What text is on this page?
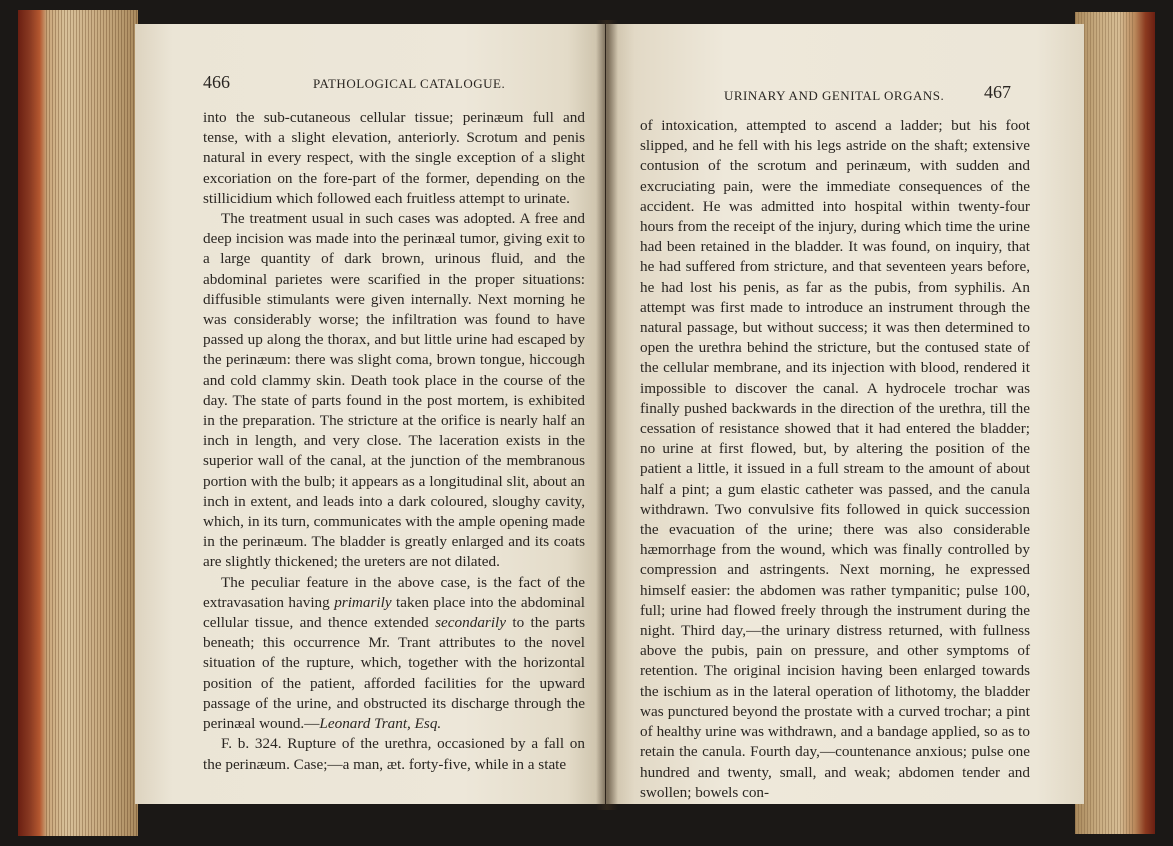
466	PATHOLOGICAL CATALOGUE.

into the sub-cutaneous cellular tissue; perinæum full and tense, with a slight elevation, anteriorly. Scrotum and penis natural in every respect, with the single exception of a slight excoriation on the fore-part of the former, depending on the stillicidium which followed each fruitless attempt to urinate.

The treatment usual in such cases was adopted. A free and deep incision was made into the perinæal tumor, giving exit to a large quantity of dark brown, urinous fluid, and the abdominal parietes were scarified in the proper situations: diffusible stimulants were given internally. Next morning he was considerably worse; the infiltration was found to have passed up along the thorax, and but little urine had escaped by the perinæum: there was slight coma, brown tongue, hiccough and cold clammy skin. Death took place in the course of the day. The state of parts found in the post mortem, is exhibited in the preparation. The stricture at the orifice is nearly half an inch in length, and very close. The laceration exists in the superior wall of the canal, at the junction of the membranous portion with the bulb; it appears as a longitudinal slit, about an inch in extent, and leads into a dark coloured, sloughy cavity, which, in its turn, communicates with the ample opening made in the perinæum. The bladder is greatly enlarged and its coats are slightly thickened; the ureters are not dilated.

The peculiar feature in the above case, is the fact of the extravasation having primarily taken place into the abdominal cellular tissue, and thence extended secondarily to the parts beneath; this occurrence Mr. Trant attributes to the novel situation of the rupture, which, together with the horizontal position of the patient, afforded facilities for the upward passage of the urine, and obstructed its discharge through the perinæal wound.—Leonard Trant, Esq.

F. b. 324. Rupture of the urethra, occasioned by a fall on the perinæum. Case;—a man, æt. forty-five, while in a state

URINARY AND GENITAL ORGANS. 467

of intoxication, attempted to ascend a ladder; but his foot slipped, and he fell with his legs astride on the shaft; extensive contusion of the scrotum and perinæum, with sudden and excruciating pain, were the immediate consequences of the accident. He was admitted into hospital within twenty-four hours from the receipt of the injury, during which time the urine had been retained in the bladder. It was found, on inquiry, that he had suffered from stricture, and that seventeen years before, he had lost his penis, as far as the pubis, from syphilis. An attempt was first made to introduce an instrument through the natural passage, but without success; it was then determined to open the urethra behind the stricture, but the contused state of the cellular membrane, and its injection with blood, rendered it impossible to discover the canal. A hydrocele trochar was finally pushed backwards in the direction of the urethra, till the cessation of resistance showed that it had entered the bladder; no urine at first flowed, but, by altering the position of the patient a little, it issued in a full stream to the amount of about half a pint; a gum elastic catheter was passed, and the canula withdrawn. Two convulsive fits followed in quick succession the evacuation of the urine; there was also considerable hæmorrhage from the wound, which was finally controlled by compression and astringents. Next morning, he expressed himself easier: the abdomen was rather tympanitic; pulse 100, full; urine had flowed freely through the instrument during the night. Third day,—the urinary distress returned, with fullness above the pubis, pain on pressure, and other symptoms of retention. The original incision having been enlarged towards the ischium as in the lateral operation of lithotomy, the bladder was punctured beyond the prostate with a curved trochar; a pint of healthy urine was withdrawn, and a bandage applied, so as to retain the canula. Fourth day,—countenance anxious; pulse one hundred and twenty, small, and weak; abdomen tender and swollen; bowels con-
